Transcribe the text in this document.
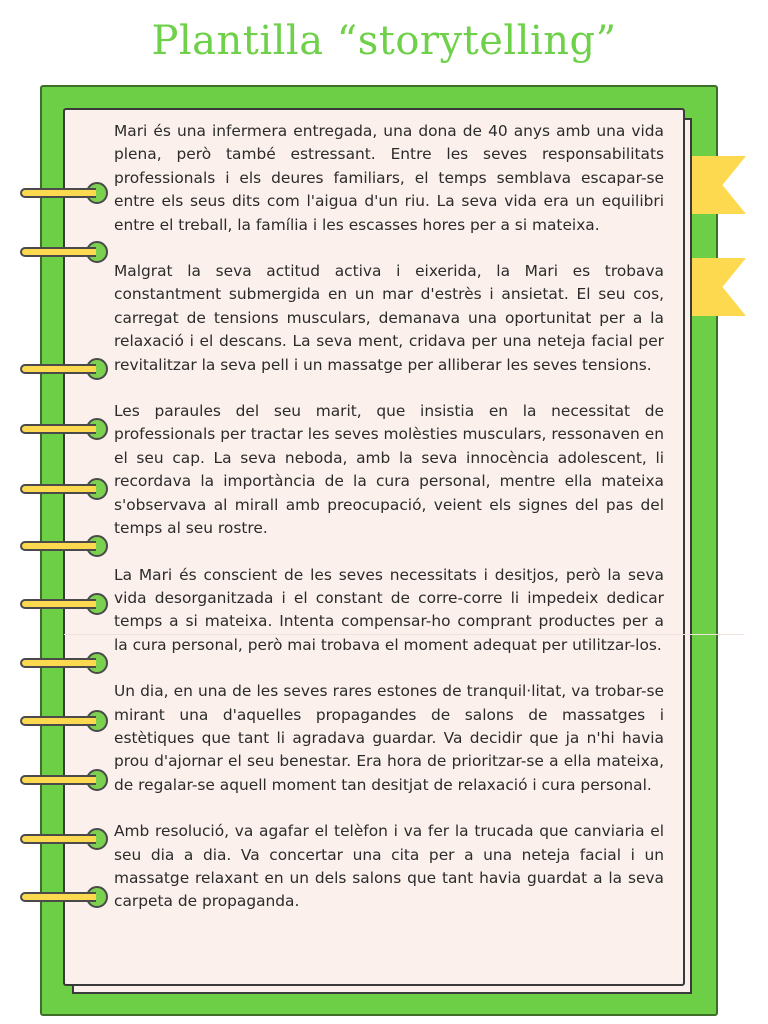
Plantilla “storytelling”

Mari és una infermera entregada, una dona de 40 anys amb una vida plena, però també estressant. Entre les seves responsabilitats professionals i els deures familiars, el temps semblava escapar-se entre els seus dits com l'aigua d'un riu. La seva vida era un equilibri entre el treball, la família i les escasses hores per a si mateixa.

Malgrat la seva actitud activa i eixerida, la Mari es trobava constantment submergida en un mar d'estrès i ansietat. El seu cos, carregat de tensions musculars, demanava una oportunitat per a la relaxació i el descans. La seva ment, cridava per una neteja facial per revitalitzar la seva pell i un massatge per alliberar les seves tensions.

Les paraules del seu marit, que insistia en la necessitat de professionals per tractar les seves molèsties musculars, ressonaven en el seu cap. La seva neboda, amb la seva innocència adolescent, li recordava la importància de la cura personal, mentre ella mateixa s'observava al mirall amb preocupació, veient els signes del pas del temps al seu rostre.

La Mari és conscient de les seves necessitats i desitjos, però la seva vida desorganitzada i el constant de corre-corre li impedeix dedicar temps a si mateixa. Intenta compensar-ho comprant productes per a la cura personal, però mai trobava el moment adequat per utilitzar-los.

Un dia, en una de les seves rares estones de tranquil·litat, va trobar-se mirant una d'aquelles propagandes de salons de massatges i estètiques que tant li agradava guardar. Va decidir que ja n'hi havia prou d'ajornar el seu benestar. Era hora de prioritzar-se a ella mateixa, de regalar-se aquell moment tan desitjat de relaxació i cura personal.

Amb resolució, va agafar el telèfon i va fer la trucada que canviaria el seu dia a dia. Va concertar una cita per a una neteja facial i un massatge relaxant en un dels salons que tant havia guardat a la seva carpeta de propaganda.
